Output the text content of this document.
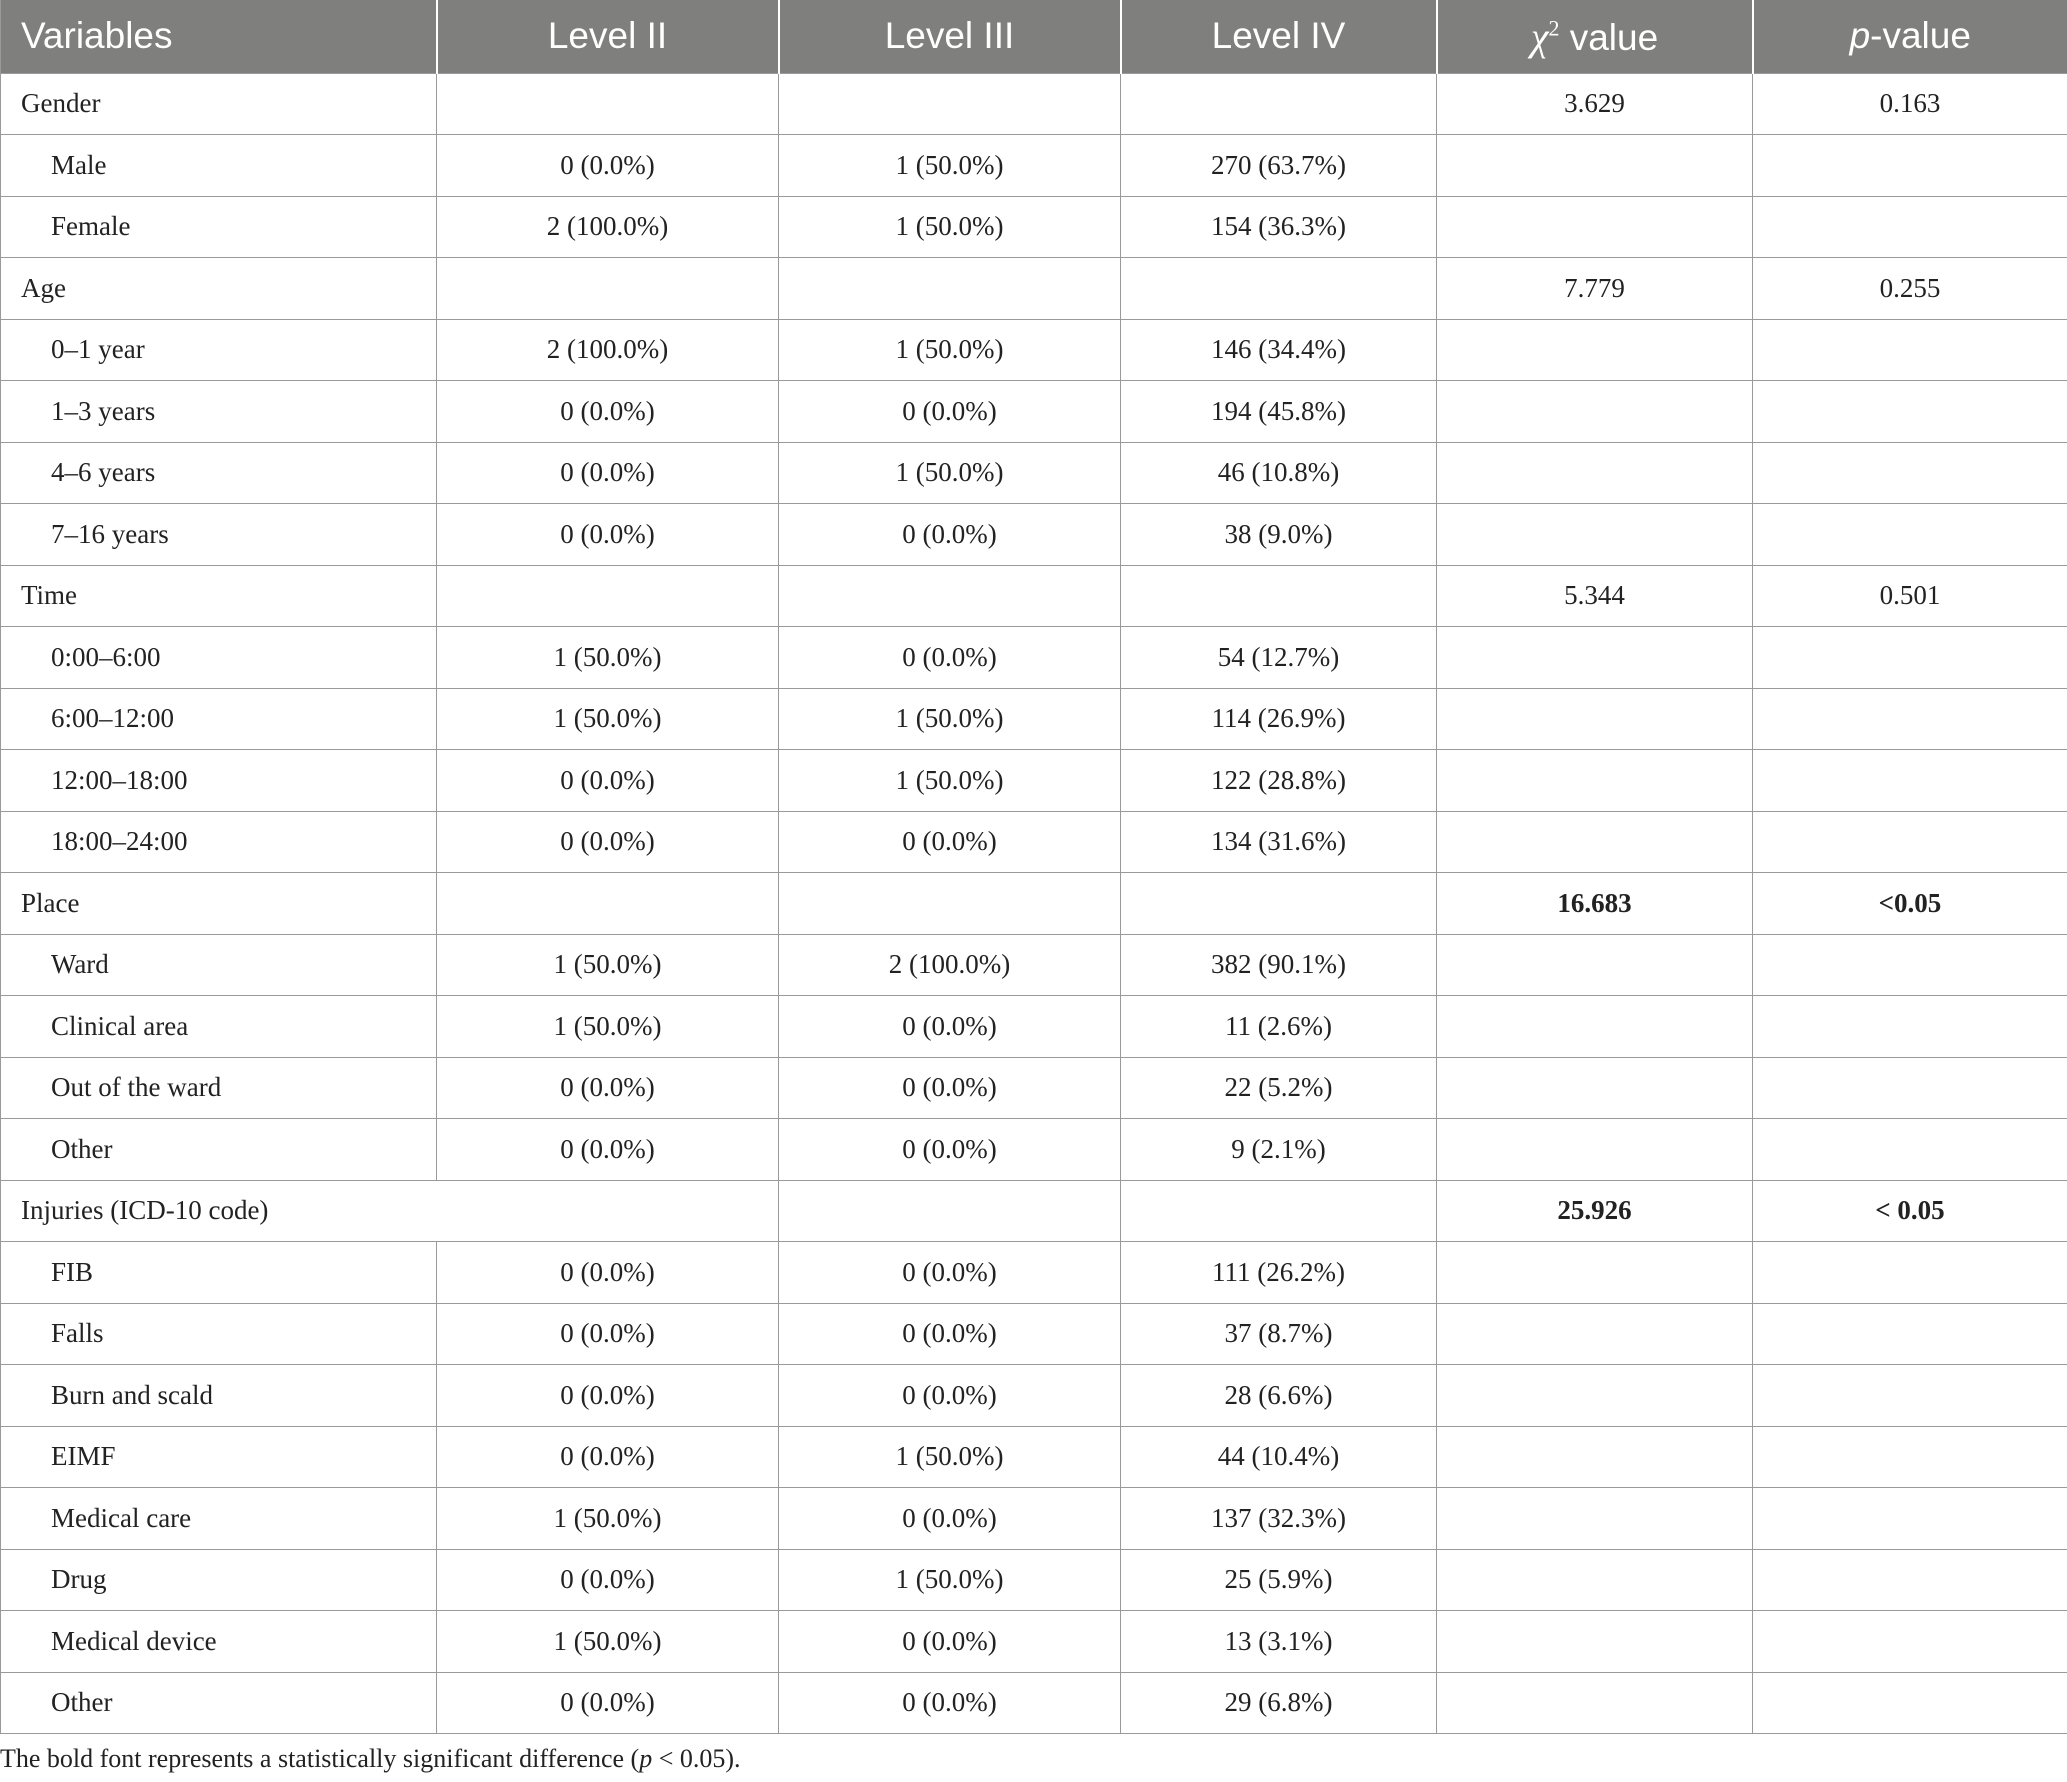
Variables	Level II	Level III	Level IV	$\chi^2$ value	p-value
Gender				3.629	0.163
Male	0 (0.0%)	1 (50.0%)	270 (63.7%)		
Female	2 (100.0%)	1 (50.0%)	154 (36.3%)		
Age				7.779	0.255
0–1 year	2 (100.0%)	1 (50.0%)	146 (34.4%)		
1–3 years	0 (0.0%)	0 (0.0%)	194 (45.8%)		
4–6 years	0 (0.0%)	1 (50.0%)	46 (10.8%)		
7–16 years	0 (0.0%)	0 (0.0%)	38 (9.0%)		
Time				5.344	0.501
0:00–6:00	1 (50.0%)	0 (0.0%)	54 (12.7%)		
6:00–12:00	1 (50.0%)	1 (50.0%)	114 (26.9%)		
12:00–18:00	0 (0.0%)	1 (50.0%)	122 (28.8%)		
18:00–24:00	0 (0.0%)	0 (0.0%)	134 (31.6%)		
Place				16.683	<0.05
Ward	1 (50.0%)	2 (100.0%)	382 (90.1%)		
Clinical area	1 (50.0%)	0 (0.0%)	11 (2.6%)		
Out of the ward	0 (0.0%)	0 (0.0%)	22 (5.2%)		
Other	0 (0.0%)	0 (0.0%)	9 (2.1%)		
Injuries (ICD-10 code)				25.926	< 0.05
FIB	0 (0.0%)	0 (0.0%)	111 (26.2%)		
Falls	0 (0.0%)	0 (0.0%)	37 (8.7%)		
Burn and scald	0 (0.0%)	0 (0.0%)	28 (6.6%)		
EIMF	0 (0.0%)	1 (50.0%)	44 (10.4%)		
Medical care	1 (50.0%)	0 (0.0%)	137 (32.3%)		
Drug	0 (0.0%)	1 (50.0%)	25 (5.9%)		
Medical device	1 (50.0%)	0 (0.0%)	13 (3.1%)		
Other	0 (0.0%)	0 (0.0%)	29 (6.8%)		
The bold font represents a statistically significant difference (p < 0.05).
